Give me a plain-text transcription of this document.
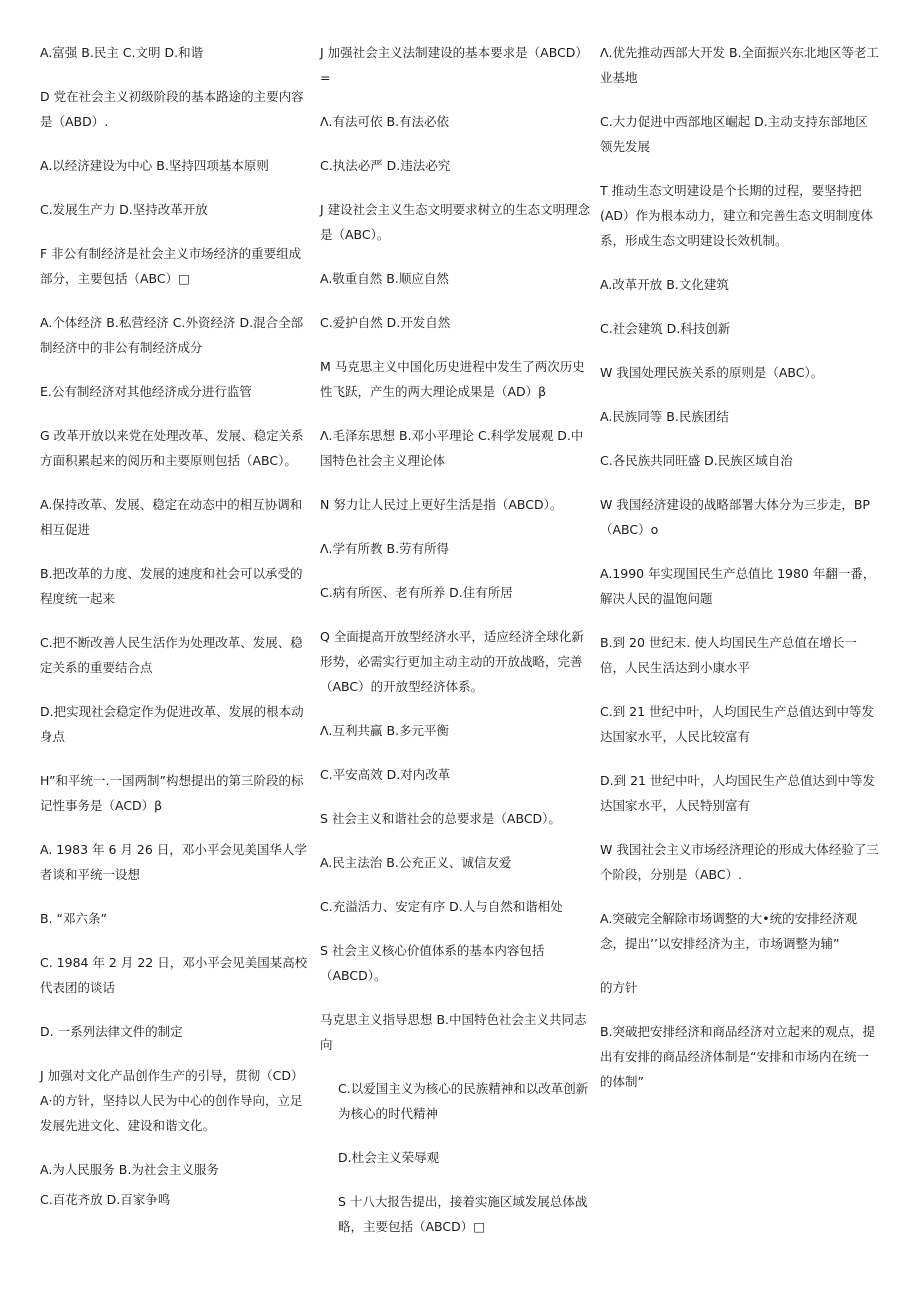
A.富强 B.民主 C.文明 D.和谐

D 党在社会主义初级阶段的基本路途的主要内容是（ABD）.

A.以经济建设为中心 B.坚持四项基本原则

C.发展生产力 D.坚持改革开放

F 非公有制经济是社会主义市场经济的重要组成部分，主要包括（ABC）□

A.个体经济 B.私营经济 C.外资经济 D.混合全部制经济中的非公有制经济成分

E.公有制经济对其他经济成分进行监管

G 改革开放以来党在处理改革、发展、稳定关系方面积累起来的阅历和主要原则包括（ABC）。

A.保持改革、发展、稳定在动态中的相互协调和相互促进

B.把改革的力度、发展的速度和社会可以承受的程度统一起来

C.把不断改善人民生活作为处理改革、发展、稳定关系的重要结合点

D.把实现社会稳定作为促进改革、发展的根本动身点

H”和平统一.一国两制”构想提出的第三阶段的标记性事务是（ACD）β

A. 1983 年 6 月 26 日，邓小平会见美国华人学者谈和平统一设想

B. “邓六条”

C. 1984 年 2 月 22 日，邓小平会见美国某高校代表团的谈话

D. 一系列法律文件的制定

J 加强对文化产品创作生产的引导，贯彻（CD）A·的方针，坚持以人民为中心的创作导向，立足 发展先进文化、建设和谐文化。

A.为人民服务 B.为社会主义服务

C.百花齐放 D.百家争鸣

J 加强社会主义法制建设的基本要求是（ABCD）=

Λ.有法可依 B.有法必依

C.执法必严 D.违法必究

J 建设社会主义生态文明要求树立的生态文明理念是（ABC）。

A.敬重自然 B.顺应自然

C.爱护自然 D.开发自然

M 马克思主义中国化历史进程中发生了两次历史性飞跃，产生的两大理论成果是（AD）β

Λ.毛泽东思想 B.邓小平理论 C.科学发展观 D.中国特色社会主义理论体

N 努力让人民过上更好生活是指（ABCD）。

Λ.学有所教 B.劳有所得

C.病有所医、老有所养 D.住有所居

Q 全面提高开放型经济水平，适应经济全球化新形势，必需实行更加主动主动的开放战略，完善（ABC）的开放型经济体系。

Λ.互利共赢 B.多元平衡

C.平安高效 D.对内改革

S 社会主义和谐社会的总要求是（ABCD）。

A.民主法治 B.公充正义、诚信友爱

C.充溢活力、安定有序 D.人与自然和谐相处

S 社会主义核心价值体系的基本内容包括（ABCD）。

马克思主义指导思想 B.中国特色社会主义共同志向

C.以爱国主义为核心的民族精神和以改革创新为核心的时代精神

D.杜会主义荣辱观

S 十八大报告提出，接着实施区域发展总体战略，主要包括（ABCD）□

Λ.优先推动西部大开发 B.全面振兴东北地区等老工业基地

C.大力促进中西部地区崛起 D.主动支持东部地区领先发展

T 推动生态文明建设是个长期的过程，要坚持把(AD）作为根本动力，建立和完善生态文明制度体系，形成生态文明建设长效机制。

A.改革开放 B.文化建筑

C.社会建筑 D.科技创新

W 我国处理民族关系的原则是（ABC）。

A.民族同等 B.民族团结

C.各民族共同旺盛 D.民族区域自治

W 我国经济建设的战略部署大体分为三步走，BP（ABC）o

A.1990 年实现国民生产总值比 1980 年翻一番，解决人民的温饱问题

B.到 20 世纪末. 使人均国民生产总值在增长一倍，人民生活达到小康水平

C.到 21 世纪中叶，人均国民生产总值达到中等发达国家水平，人民比较富有

D.到 21 世纪中叶，人均国民生产总值达到中等发达国家水平，人民特别富有

W 我国社会主义市场经济理论的形成大体经验了三个阶段，分别是（ABC）.

A.突破完全解除市场调整的大•统的安排经济观念，提出’’以安排经济为主，市场调整为辅”

的方针

B.突破把安排经济和商品经济对立起来的观点，提出有安排的商品经济体制是“安排和市场内在统一的体制”
